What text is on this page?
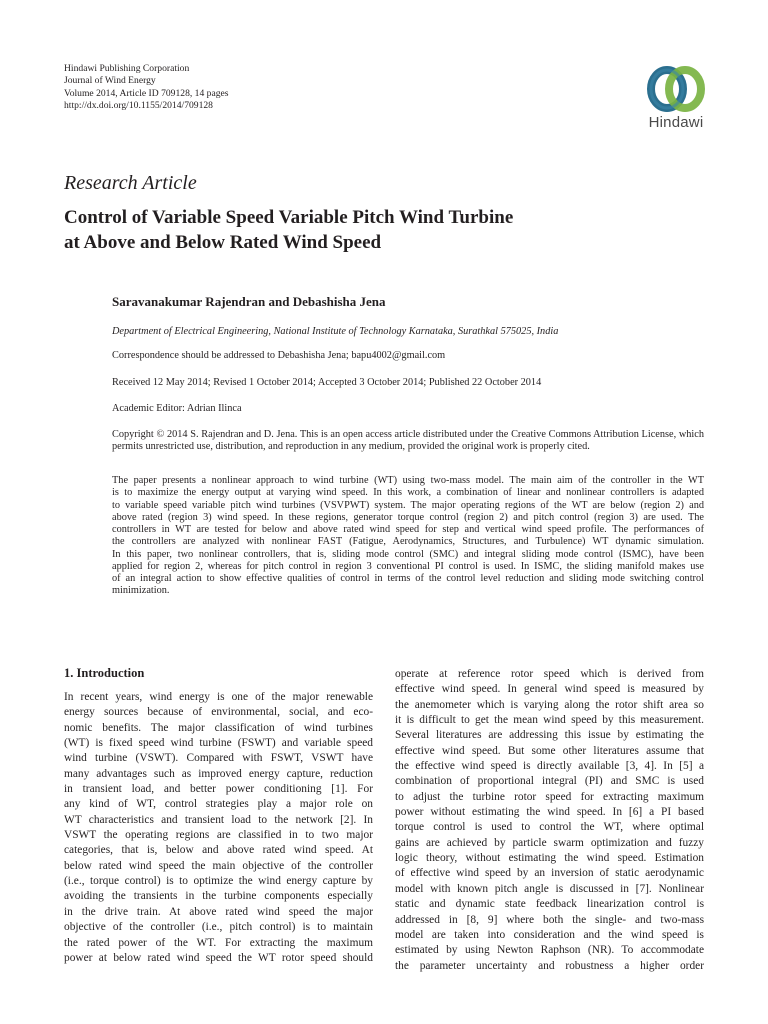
Hindawi Publishing Corporation
Journal of Wind Energy
Volume 2014, Article ID 709128, 14 pages
http://dx.doi.org/10.1155/2014/709128
Hindawi
Research Article
Control of Variable Speed Variable Pitch Wind Turbine
at Above and Below Rated Wind Speed
Saravanakumar Rajendran and Debashisha Jena
Department of Electrical Engineering, National Institute of Technology Karnataka, Surathkal 575025, India
Correspondence should be addressed to Debashisha Jena; bapu4002@gmail.com
Received 12 May 2014; Revised 1 October 2014; Accepted 3 October 2014; Published 22 October 2014
Academic Editor: Adrian Ilinca
Copyright © 2014 S. Rajendran and D. Jena. This is an open access article distributed under the Creative Commons Attribution License, which permits unrestricted use, distribution, and reproduction in any medium, provided the original work is properly cited.
The paper presents a nonlinear approach to wind turbine (WT) using two-mass model. The main aim of the controller in the WT
is to maximize the energy output at varying wind speed. In this work, a combination of linear and nonlinear controllers is adapted
to variable speed variable pitch wind turbines (VSVPWT) system. The major operating regions of the WT are below (region 2) and
above rated (region 3) wind speed. In these regions, generator torque control (region 2) and pitch control (region 3) are used. The
controllers in WT are tested for below and above rated wind speed for step and vertical wind speed profile. The performances of
the controllers are analyzed with nonlinear FAST (Fatigue, Aerodynamics, Structures, and Turbulence) WT dynamic simulation.
In this paper, two nonlinear controllers, that is, sliding mode control (SMC) and integral sliding mode control (ISMC), have been
applied for region 2, whereas for pitch control in region 3 conventional PI control is used. In ISMC, the sliding manifold makes use
of an integral action to show effective qualities of control in terms of the control level reduction and sliding mode switching control
minimization.
1. Introduction
In recent years, wind energy is one of the major renewable
energy sources because of environmental, social, and eco-
nomic benefits. The major classification of wind turbines
(WT) is fixed speed wind turbine (FSWT) and variable speed
wind turbine (VSWT). Compared with FSWT, VSWT have
many advantages such as improved energy capture, reduction
in transient load, and better power conditioning [1]. For
any kind of WT, control strategies play a major role on
WT characteristics and transient load to the network [2]. In
VSWT the operating regions are classified in to two major
categories, that is, below and above rated wind speed. At
below rated wind speed the main objective of the controller
(i.e., torque control) is to optimize the wind energy capture by
avoiding the transients in the turbine components especially
in the drive train. At above rated wind speed the major
objective of the controller (i.e., pitch control) is to maintain
the rated power of the WT. For extracting the maximum
power at below rated wind speed the WT rotor speed should
operate at reference rotor speed which is derived from
effective wind speed. In general wind speed is measured by
the anemometer which is varying along the rotor shift area so
it is difficult to get the mean wind speed by this measurement.
Several literatures are addressing this issue by estimating the
effective wind speed. But some other literatures assume that
the effective wind speed is directly available [3, 4]. In [5] a
combination of proportional integral (PI) and SMC is used
to adjust the turbine rotor speed for extracting maximum
power without estimating the wind speed. In [6] a PI based
torque control is used to control the WT, where optimal
gains are achieved by particle swarm optimization and fuzzy
logic theory, without estimating the wind speed. Estimation
of effective wind speed by an inversion of static aerodynamic
model with known pitch angle is discussed in [7]. Nonlinear
static and dynamic state feedback linearization control is
addressed in [8, 9] where both the single- and two-mass
model are taken into consideration and the wind speed is
estimated by using Newton Raphson (NR). To accommodate
the parameter uncertainty and robustness a higher order
